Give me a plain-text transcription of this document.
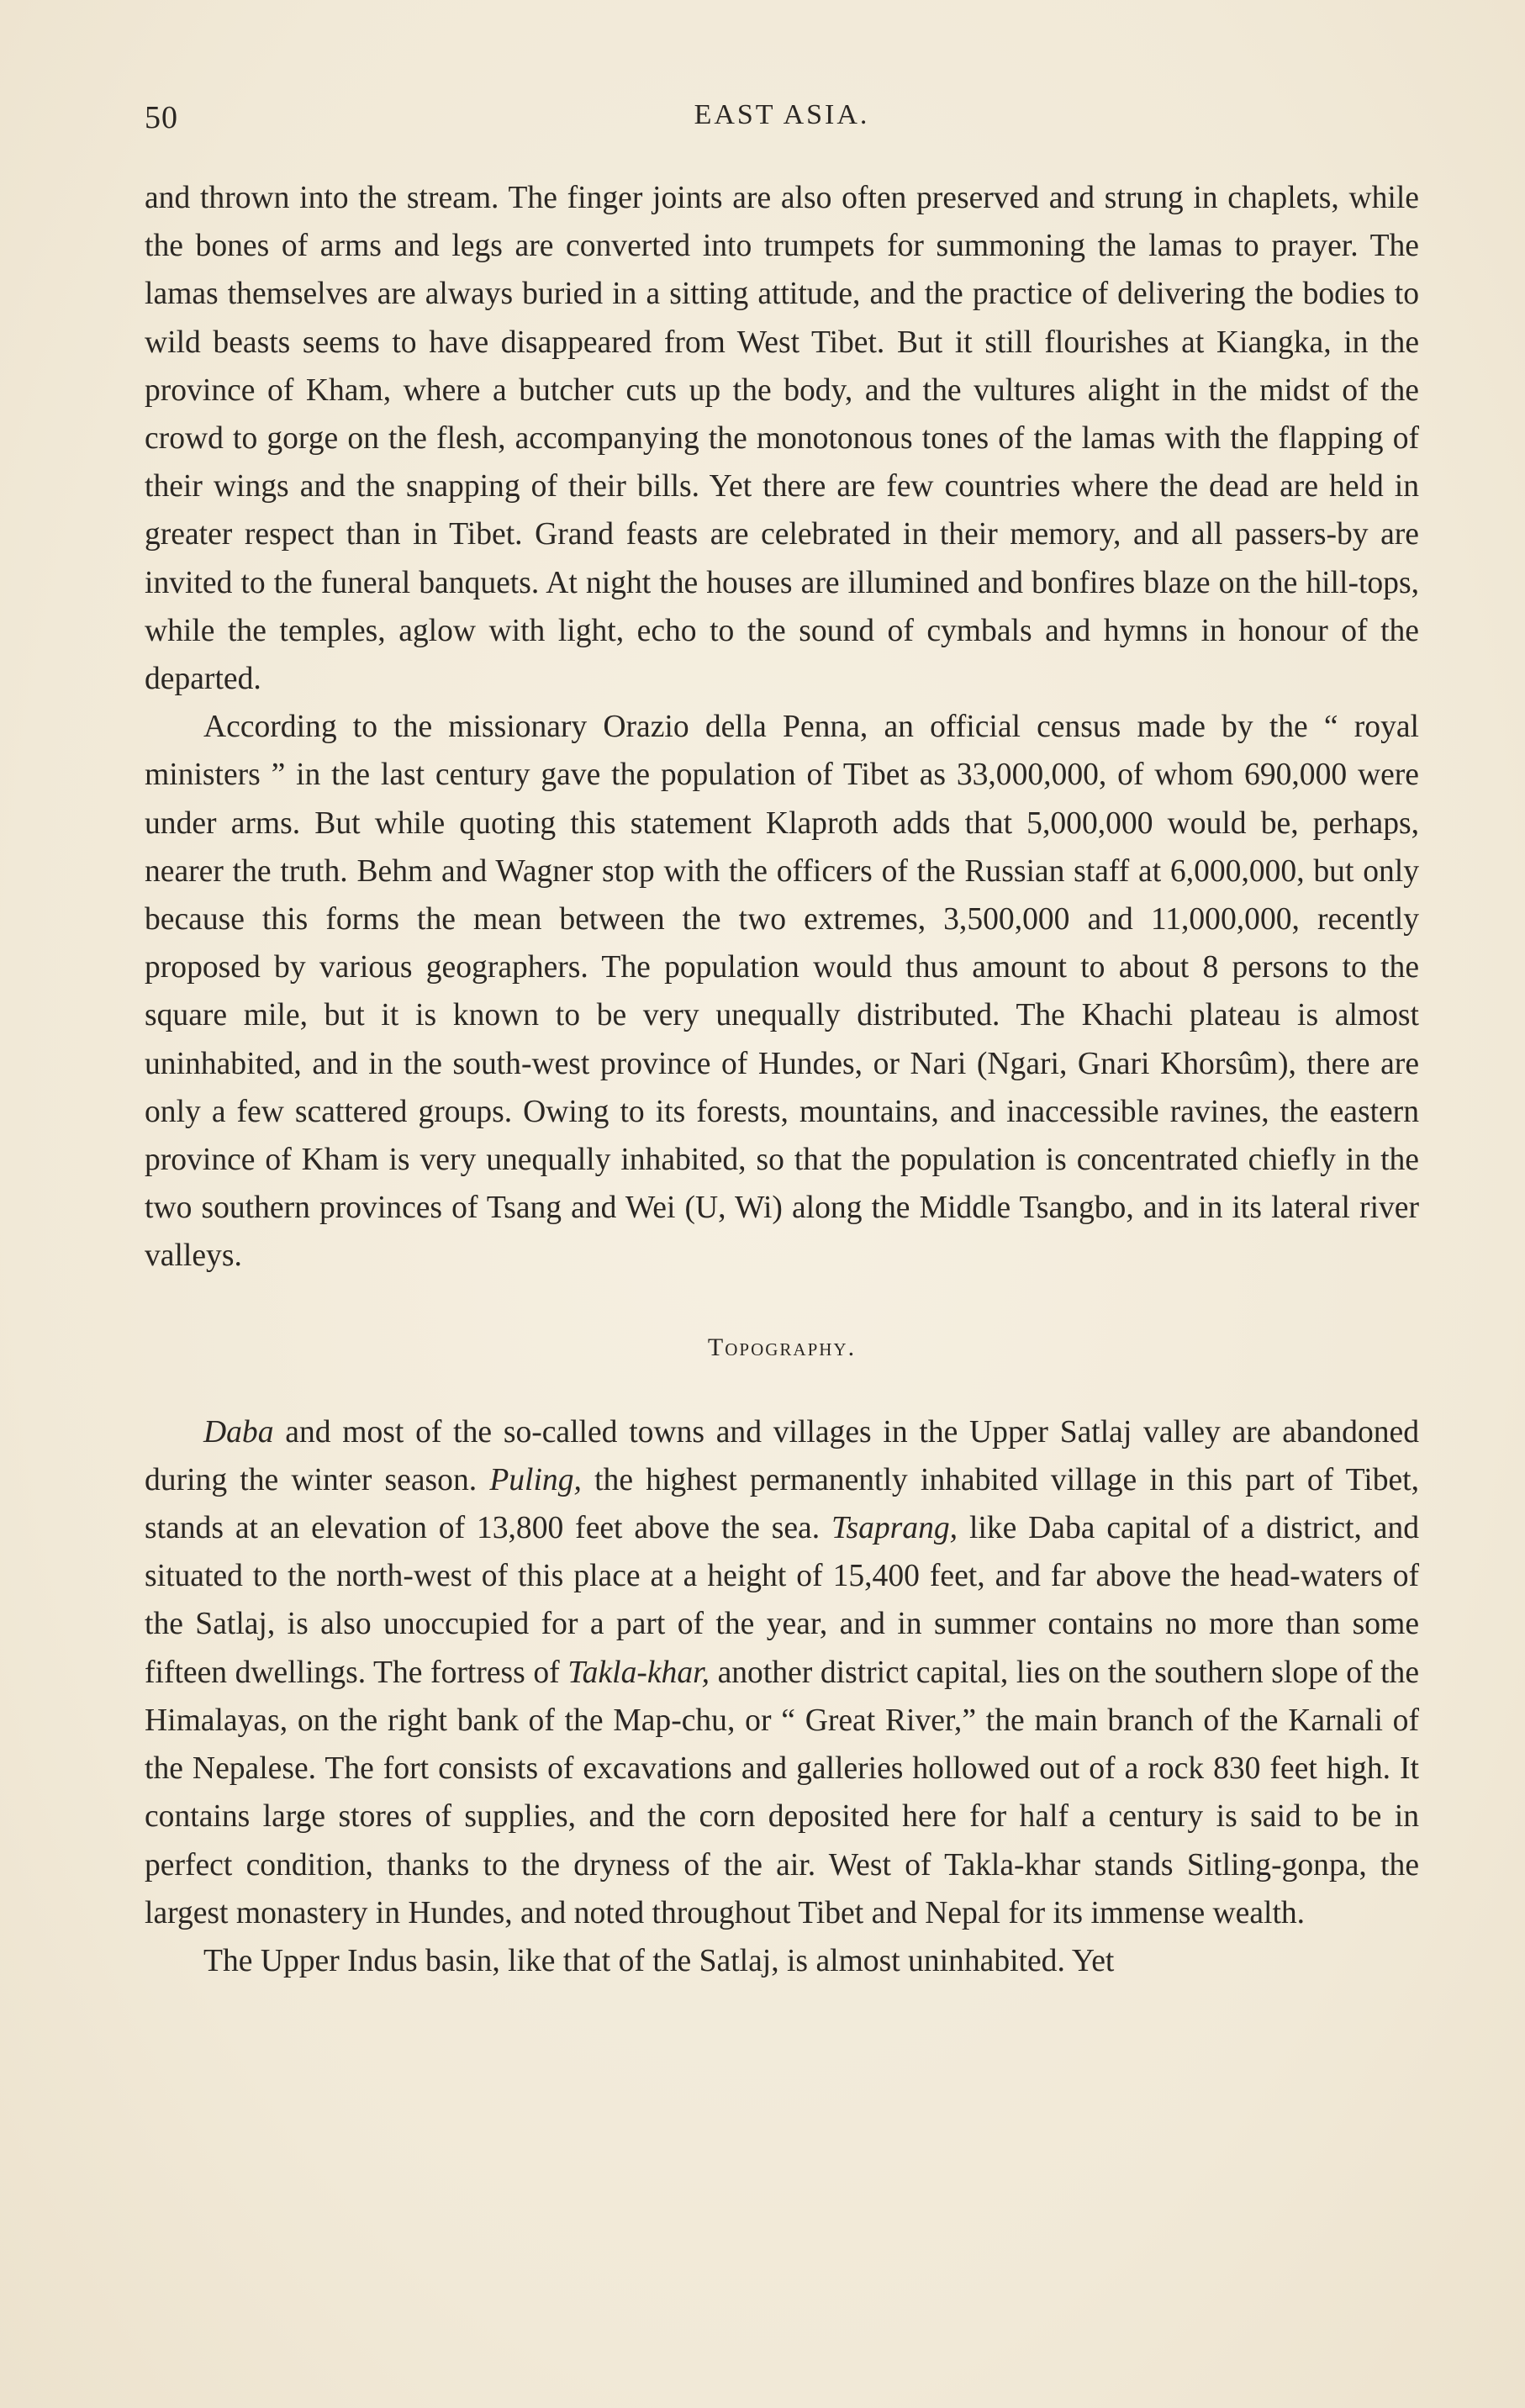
50	EAST ASIA.

and thrown into the stream. The finger joints are also often preserved and strung in chaplets, while the bones of arms and legs are converted into trumpets for summoning the lamas to prayer. The lamas themselves are always buried in a sitting attitude, and the practice of delivering the bodies to wild beasts seems to have disappeared from West Tibet. But it still flourishes at Kiangka, in the province of Kham, where a butcher cuts up the body, and the vultures alight in the midst of the crowd to gorge on the flesh, accompanying the monotonous tones of the lamas with the flapping of their wings and the snapping of their bills. Yet there are few countries where the dead are held in greater respect than in Tibet. Grand feasts are celebrated in their memory, and all passers-by are invited to the funeral banquets. At night the houses are illumined and bonfires blaze on the hill-tops, while the temples, aglow with light, echo to the sound of cymbals and hymns in honour of the departed.

According to the missionary Orazio della Penna, an official census made by the “ royal ministers ” in the last century gave the population of Tibet as 33,000,000, of whom 690,000 were under arms. But while quoting this statement Klaproth adds that 5,000,000 would be, perhaps, nearer the truth. Behm and Wagner stop with the officers of the Russian staff at 6,000,000, but only because this forms the mean between the two extremes, 3,500,000 and 11,000,000, recently proposed by various geographers. The population would thus amount to about 8 persons to the square mile, but it is known to be very unequally distributed. The Khachi plateau is almost uninhabited, and in the south-west province of Hundes, or Nari (Ngari, Gnari Khorsûm), there are only a few scattered groups. Owing to its forests, mountains, and inaccessible ravines, the eastern province of Kham is very unequally inhabited, so that the population is concentrated chiefly in the two southern provinces of Tsang and Wei (U, Wi) along the Middle Tsangbo, and in its lateral river valleys.

Topography.

Daba and most of the so-called towns and villages in the Upper Satlaj valley are abandoned during the winter season. Puling, the highest permanently inhabited village in this part of Tibet, stands at an elevation of 13,800 feet above the sea. Tsaprang, like Daba capital of a district, and situated to the north-west of this place at a height of 15,400 feet, and far above the head-waters of the Satlaj, is also unoccupied for a part of the year, and in summer contains no more than some fifteen dwellings. The fortress of Takla-khar, another district capital, lies on the southern slope of the Himalayas, on the right bank of the Map-chu, or “ Great River,” the main branch of the Karnali of the Nepalese. The fort consists of excavations and galleries hollowed out of a rock 830 feet high. It contains large stores of supplies, and the corn deposited here for half a century is said to be in perfect condition, thanks to the dryness of the air. West of Takla-khar stands Sitling-gonpa, the largest monastery in Hundes, and noted throughout Tibet and Nepal for its immense wealth.

The Upper Indus basin, like that of the Satlaj, is almost uninhabited. Yet
